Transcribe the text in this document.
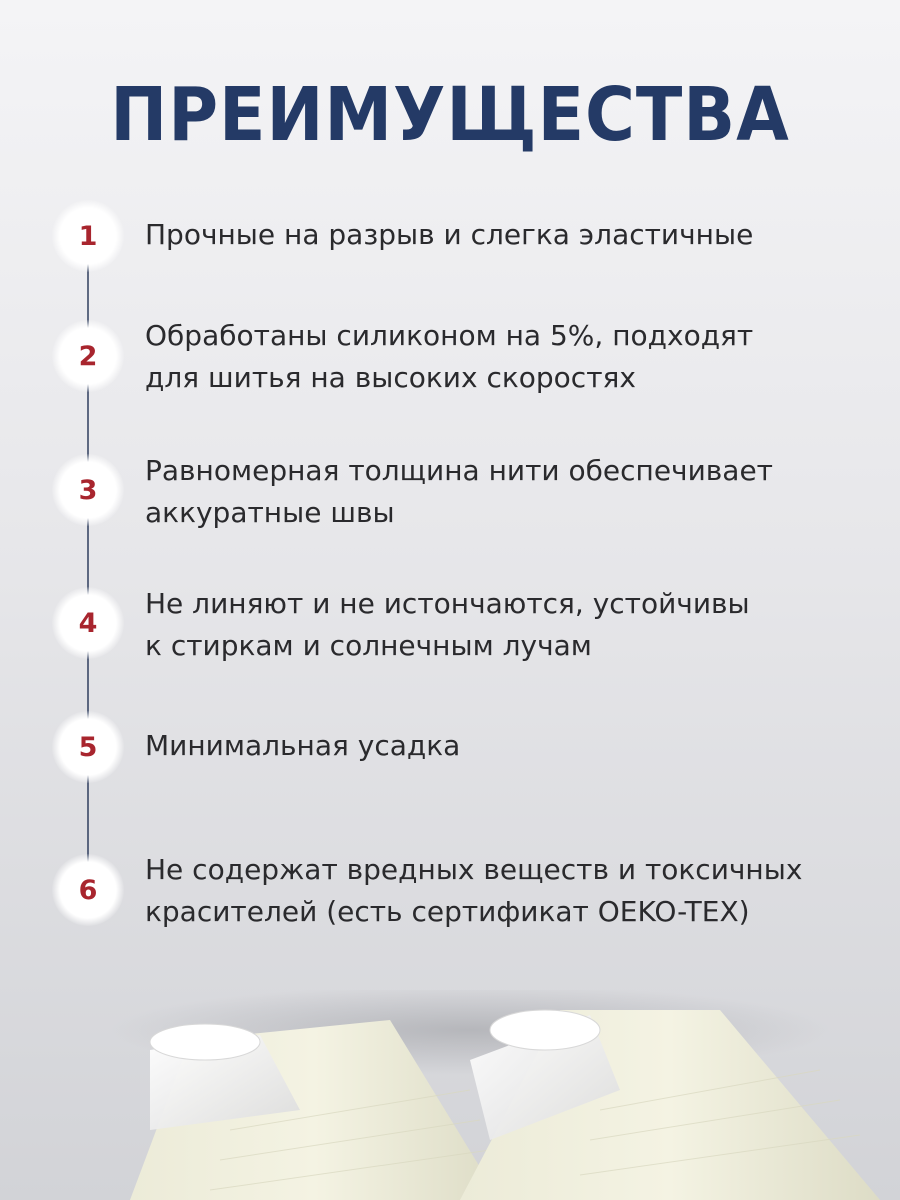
ПРЕИМУЩЕСТВА
1 Прочные на разрыв и слегка эластичные
2
Обработаны силиконом на 5%, подходят
для шитья на высоких скоростях
3
Равномерная толщина нити обеспечивает
аккуратные швы
4
Не линяют и не истончаются, устойчивы
к стиркам и солнечным лучам
5 Минимальная усадка
6
Не содержат вредных веществ и токсичных
красителей (есть сертификат OEKO-TEX)
